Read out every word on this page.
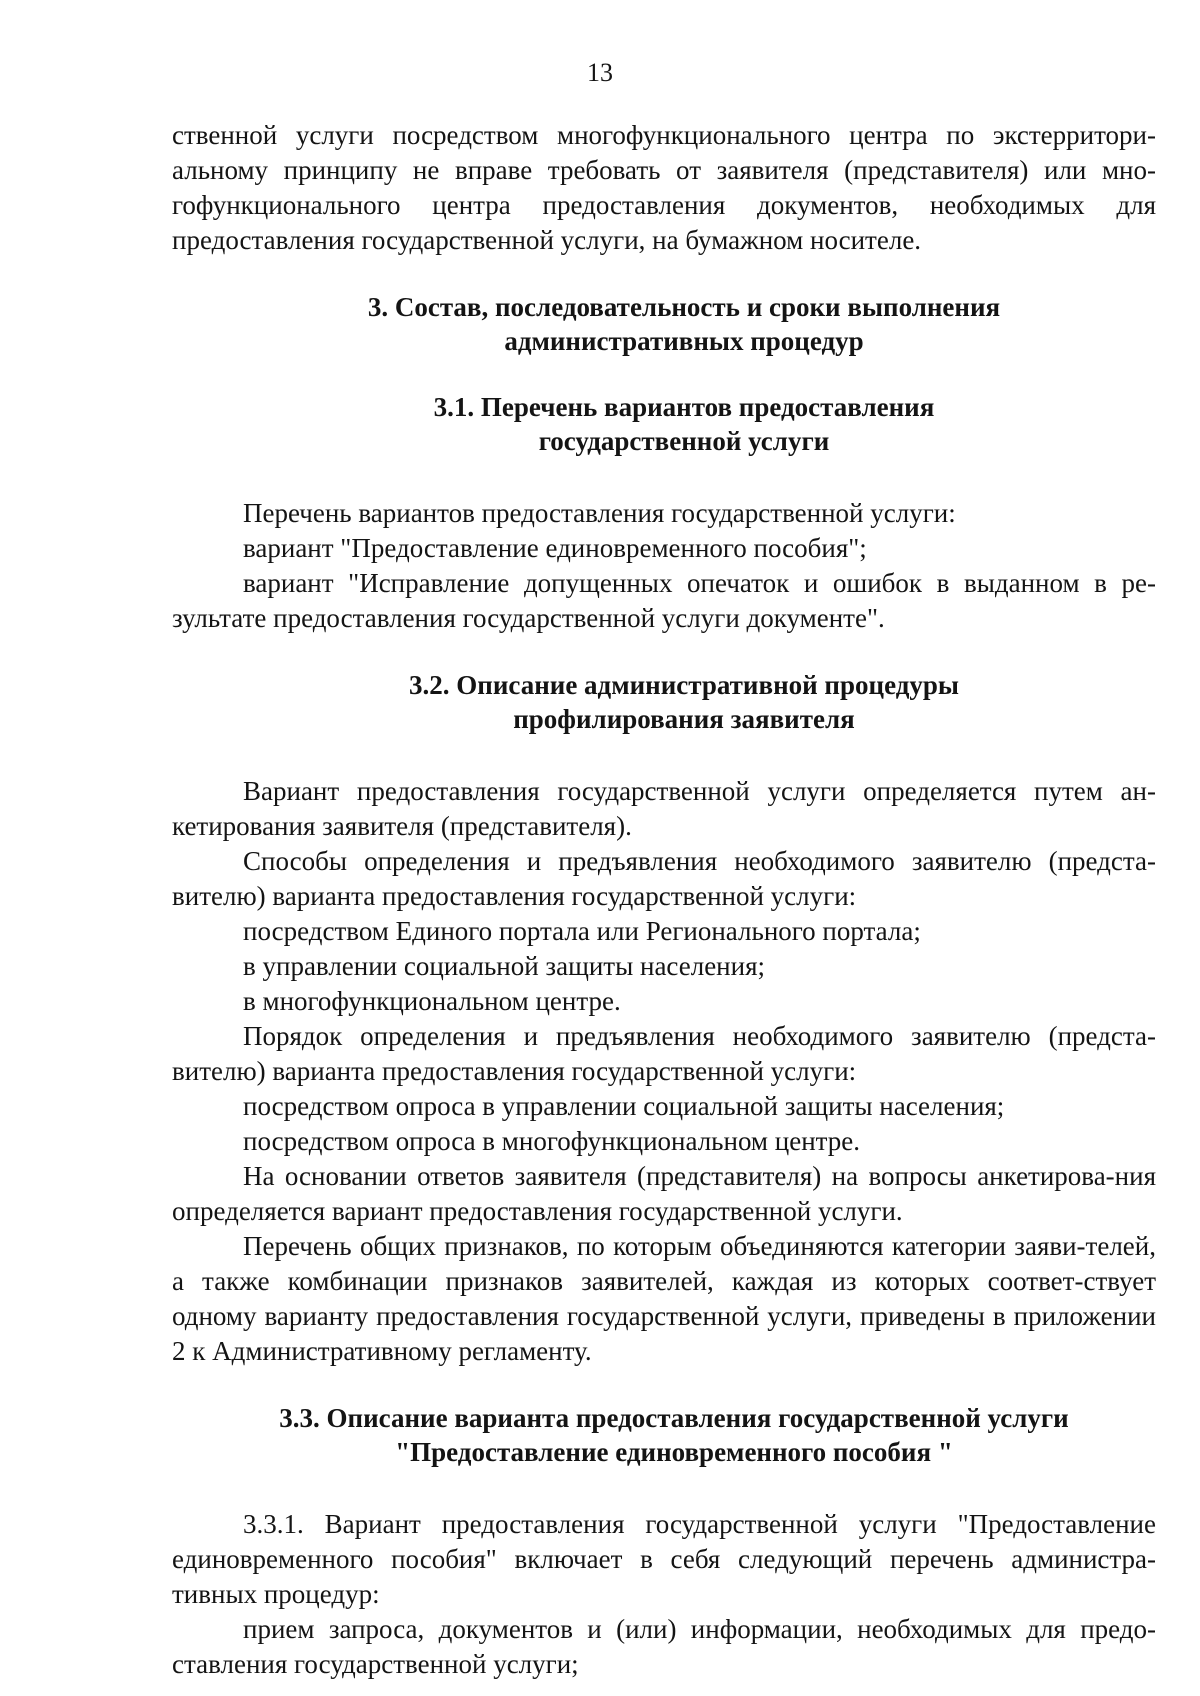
13

ственной услуги посредством многофункционального центра по экстерритори-альному принципу не вправе требовать от заявителя (представителя) или мно-гофункционального центра предоставления документов, необходимых для предоставления государственной услуги, на бумажном носителе.

3. Состав, последовательность и сроки выполнения

административных процедур

3.1. Перечень вариантов предоставления

государственной услуги

Перечень вариантов предоставления государственной услуги:

вариант "Предоставление единовременного пособия";

вариант "Исправление допущенных опечаток и ошибок в выданном в ре-зультате предоставления государственной услуги документе".

3.2. Описание административной процедуры

профилирования заявителя

Вариант предоставления государственной услуги определяется путем ан-кетирования заявителя (представителя).

Способы определения и предъявления необходимого заявителю (предста-вителю) варианта предоставления государственной услуги:

посредством Единого портала или Регионального портала;

в управлении социальной защиты населения;

в многофункциональном центре.

Порядок определения и предъявления необходимого заявителю (предста-вителю) варианта предоставления государственной услуги:

посредством опроса в управлении социальной защиты населения;

посредством опроса в многофункциональном центре.

На основании ответов заявителя (представителя) на вопросы анкетирова-ния определяется вариант предоставления государственной услуги.

Перечень общих признаков, по которым объединяются категории заяви-телей, а также комбинации признаков заявителей, каждая из которых соответ-ствует одному варианту предоставления государственной услуги, приведены в приложении 2 к Административному регламенту.

3.3. Описание варианта предоставления государственной услуги

"Предоставление единовременного пособия "

3.3.1. Вариант предоставления государственной услуги "Предоставление единовременного пособия" включает в себя следующий перечень администра-тивных процедур:

прием запроса, документов и (или) информации, необходимых для предо-ставления государственной услуги;
